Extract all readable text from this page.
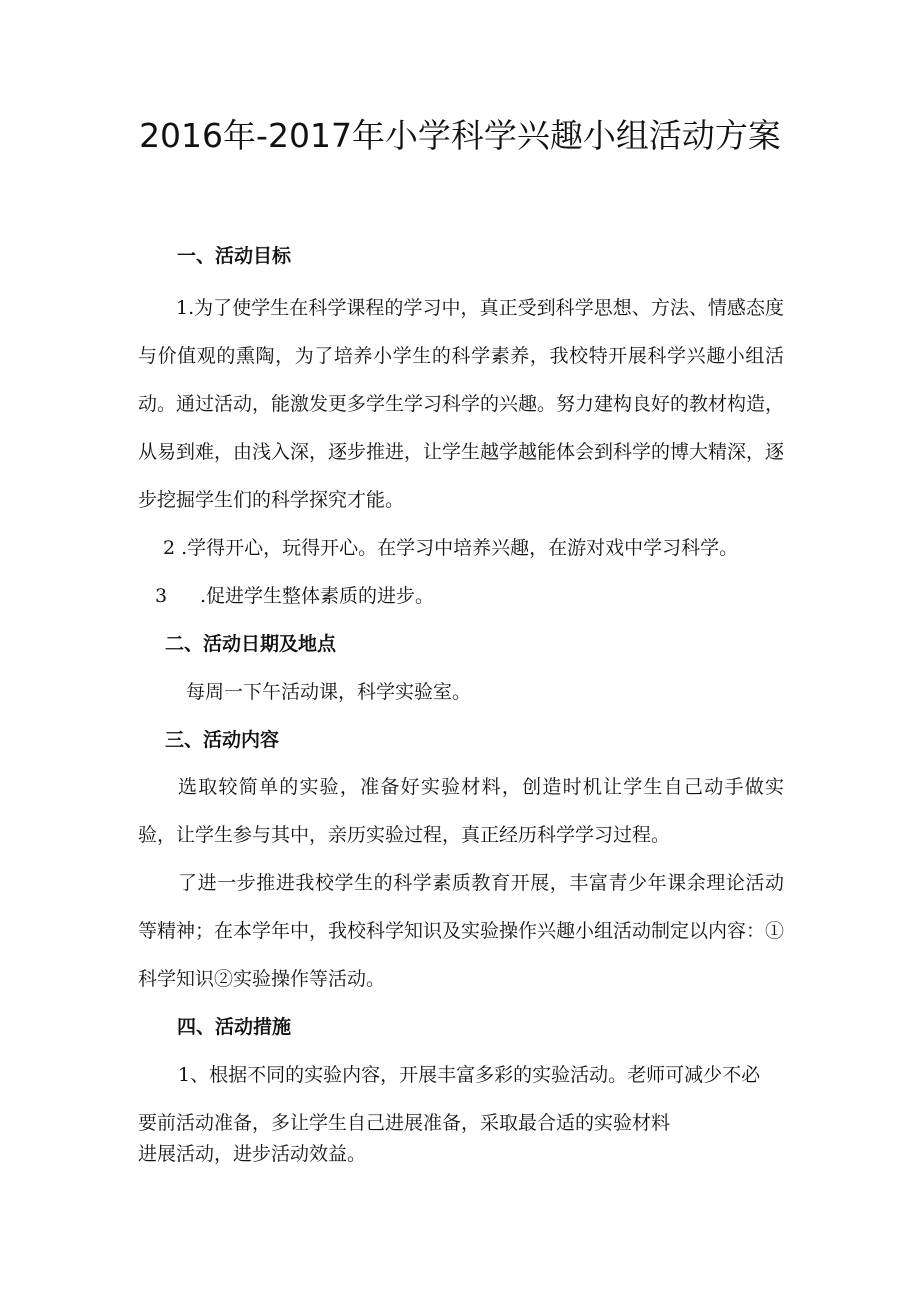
2016年-2017年小学科学兴趣小组活动方案
一、活动目标
1.为了使学生在科学课程的学习中，真正受到科学思想、方法、情感态度与价值观的熏陶，为了培养小学生的科学素养，我校特开展科学兴趣小组活动。通过活动，能激发更多学生学习科学的兴趣。努力建构良好的教材构造，从易到难，由浅入深，逐步推进，让学生越学越能体会到科学的博大精深，逐步挖掘学生们的科学探究才能。
2 .学得开心，玩得开心。在学习中培养兴趣，在游对戏中学习科学。
3 .促进学生整体素质的进步。
二、活动日期及地点
每周一下午活动课，科学实验室。
三、活动内容
选取较简单的实验，准备好实验材料，创造时机让学生自己动手做实验，让学生参与其中，亲历实验过程，真正经历科学学习过程。
了进一步推进我校学生的科学素质教育开展，丰富青少年课余理论活动等精神；在本学年中，我校科学知识及实验操作兴趣小组活动制定以内容：①科学知识②实验操作等活动。
四、活动措施
1、根据不同的实验内容，开展丰富多彩的实验活动。老师可减少不必
要前活动准备，多让学生自己进展准备，采取最合适的实验材料
进展活动，进步活动效益。
